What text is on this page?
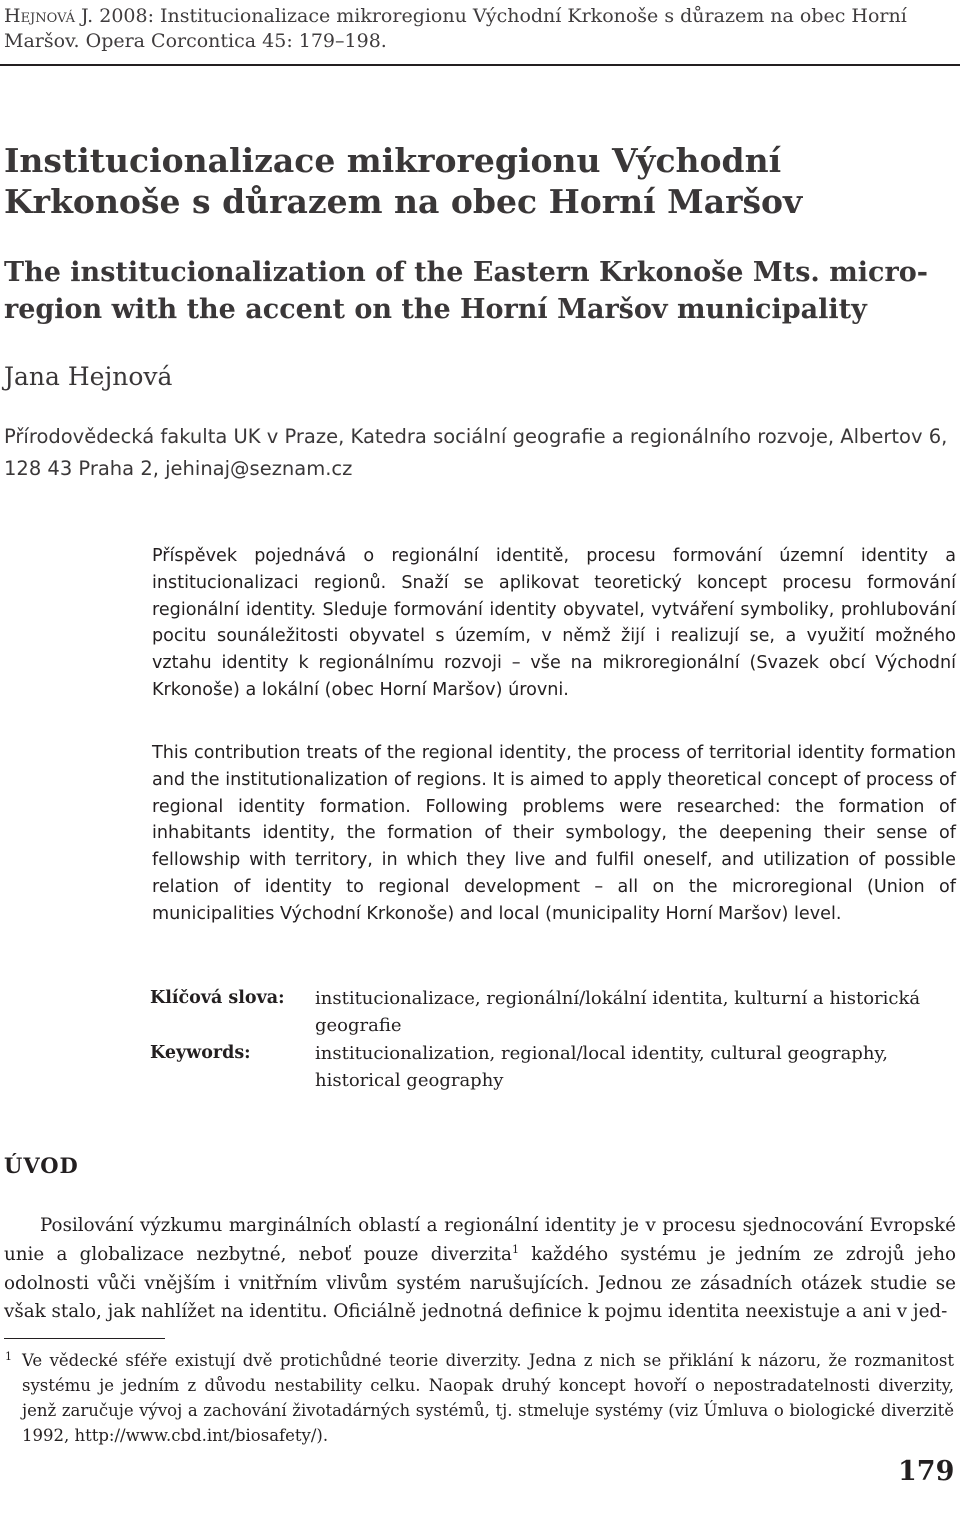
Hejnová J. 2008: Institucionalizace mikroregionu Východní Krkonoše s důrazem na obec Horní Maršov. Opera Corcontica 45: 179–198.
Institucionalizace mikroregionu Východní Krkonoše s důrazem na obec Horní Maršov
The institucionalization of the Eastern Krkonoše Mts. micro-region with the accent on the Horní Maršov municipality
Jana Hejnová
Přírodovědecká fakulta UK v Praze, Katedra sociální geografie a regionálního rozvoje, Albertov 6, 128 43 Praha 2, jehinaj@seznam.cz
Příspěvek pojednává o regionální identitě, procesu formování územní identity a institucionalizaci regionů. Snaží se aplikovat teoretický koncept procesu formování regionální identity. Sleduje formování identity obyvatel, vytváření symboliky, prohlubování pocitu sounáležitosti obyvatel s územím, v němž žijí i realizují se, a využití možného vztahu identity k regionálnímu rozvoji – vše na mikroregionální (Svazek obcí Východní Krkonoše) a lokální (obec Horní Maršov) úrovni.
This contribution treats of the regional identity, the process of territorial identity formation and the institutionalization of regions. It is aimed to apply theoretical concept of process of regional identity formation. Following problems were researched: the formation of inhabitants identity, the formation of their symbology, the deepening their sense of fellowship with territory, in which they live and fulfil oneself, and utilization of possible relation of identity to regional development – all on the microregional (Union of municipalities Východní Krkonoše) and local (municipality Horní Maršov) level.
Klíčová slova: institucionalizace, regionální/lokální identita, kulturní a historická geografie
Keywords:	institucionalization, regional/local identity, cultural geography, historical geography
ÚVOD
Posilování výzkumu marginálních oblastí a regionální identity je v procesu sjednocování Evropské unie a globalizace nezbytné, neboť pouze diverzita$^1$ každého systému je jedním ze zdrojů jeho odolnosti vůči vnějším i vnitřním vlivům systém narušujících. Jednou ze zásadních otázek studie se však stalo, jak nahlížet na identitu. Oficiálně jednotná definice k pojmu identita neexistuje a ani v jed-
1 Ve vědecké sféře existují dvě protichůdné teorie diverzity. Jedna z nich se přiklání k názoru, že rozmanitost systému je jedním z důvodu nestability celku. Naopak druhý koncept hovoří o nepostradatelnosti diverzity, jenž zaručuje vývoj a zachování životadárných systémů, tj. stmeluje systémy (viz Úmluva o biologické diverzitě 1992, http://www.cbd.int/biosafety/).
179
